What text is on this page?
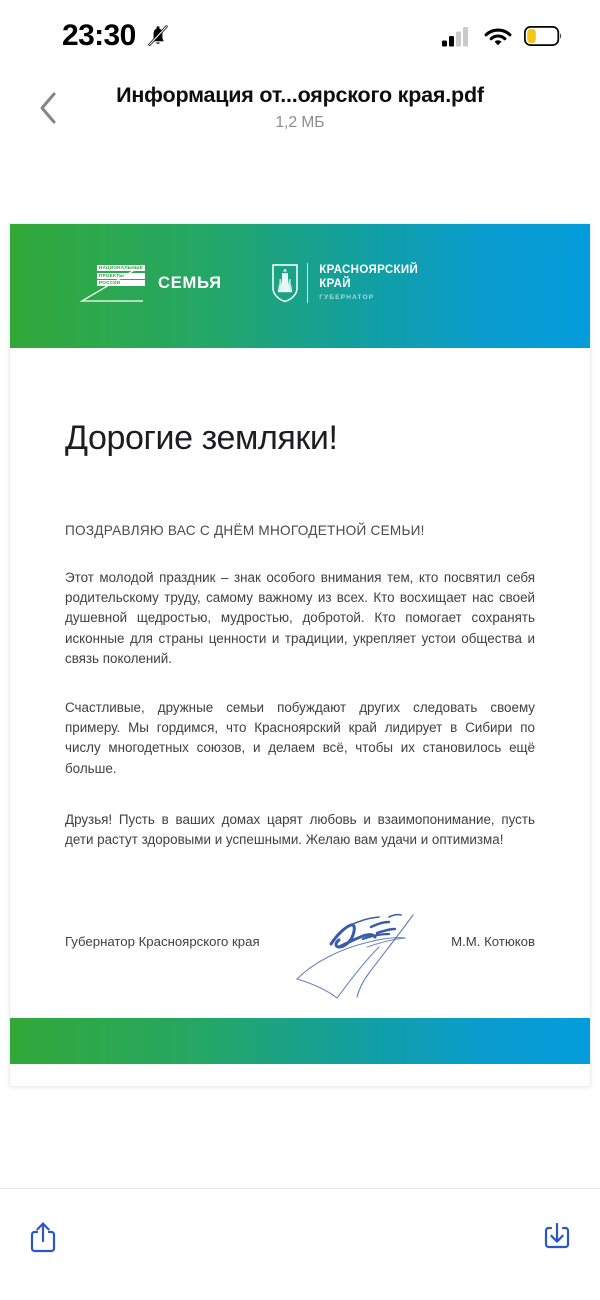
23:30
Информация от...оярского края.pdf
1,2 МБ
НАЦИОНАЛЬНЫЕ
ПРОЕКТЫ
РОССИИ	СЕМЬЯ
КРАСНОЯРСКИЙ
КРАЙ
ГУБЕРНАТОР
Дорогие земляки!
ПОЗДРАВЛЯЮ ВАС С ДНЁМ МНОГОДЕТНОЙ СЕМЬИ!

Этот молодой праздник – знак особого внимания тем, кто посвятил себя родительскому труду, самому важному из всех. Кто восхищает нас своей душевной щедростью, мудростью, добротой. Кто помогает сохранять исконные для страны ценности и традиции, укрепляет устои общества и связь поколений.

Счастливые, дружные семьи побуждают других следовать своему примеру. Мы гордимся, что Красноярский край лидирует в Сибири по числу многодетных союзов, и делаем всё, чтобы их становилось ещё больше.

Друзья! Пусть в ваших домах царят любовь и взаимопонимание, пусть дети растут здоровыми и успешными. Желаю вам удачи и оптимизма!

Губернатор Красноярского края	М.М. Котюков
